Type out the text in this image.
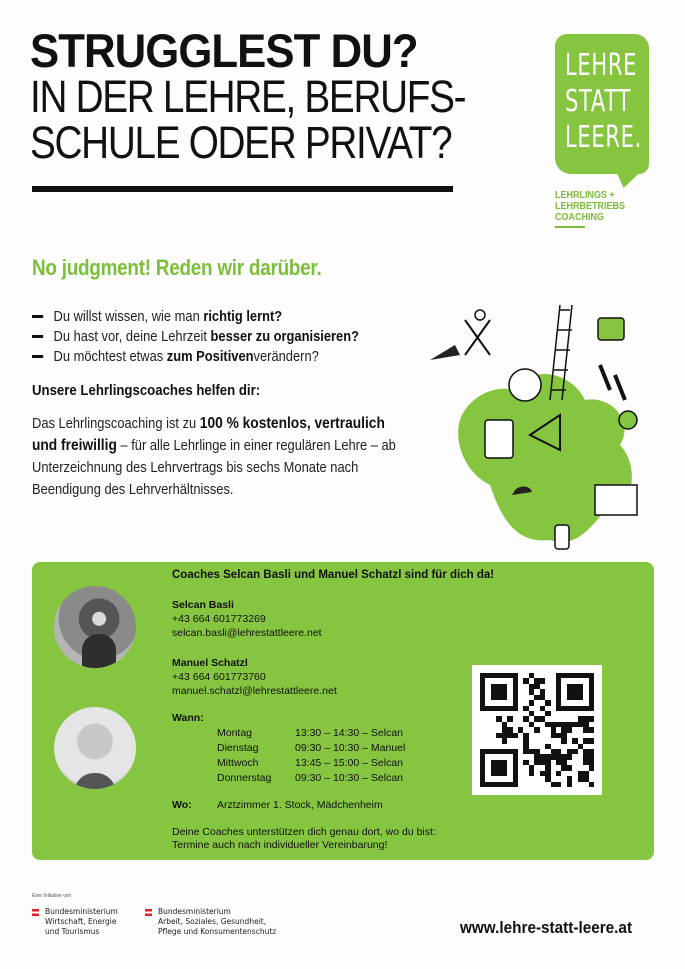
STRUGGLEST DU?
IN DER LEHRE, BERUFS-
SCHULE ODER PRIVAT?
LEHRE
STATT
LEERE.
LEHRLINGS +
LEHRBETRIEBS
COACHING
No judgment! Reden wir darüber.
Du willst wissen, wie man
richtig lernt?
Du hast vor, deine Lehrzeit
besser zu organisieren?
Du möchtest etwas
zum Positiven verändern?
Unsere Lehrlingscoaches helfen dir:
Das Lehrlingscoaching ist zu 100 % kostenlos, vertraulich und freiwillig – für alle Lehrlinge in einer regulären Lehre – ab Unterzeichnung des Lehrvertrags bis sechs Monate nach Beendigung des Lehrverhältnisses.
Coaches Selcan Basli und Manuel Schatzl sind für dich da!
Selcan Basli
+43 664 601773269
selcan.basli@lehrestattleere.net
Manuel Schatzl
+43 664 601773760
manuel.schatzl@lehrestattleere.net
Wann:
Montag	13:30 – 14:30 – Selcan
Dienstag	09:30 – 10:30 – Manuel
Mittwoch	13:45 – 15:00 – Selcan
Donnerstag	09:30 – 10:30 – Selcan
Wo: Arztzimmer 1. Stock, Mädchenheim
Deine Coaches unterstützen dich genau dort, wo du bist:
Termine auch nach individueller Vereinbarung!
Eine Initiative von
Bundesministerium
Wirtschaft, Energie
und Tourismus
Bundesministerium
Arbeit, Soziales, Gesundheit,
Pflege und Konsumentenschutz	www.lehre-statt-leere.at
